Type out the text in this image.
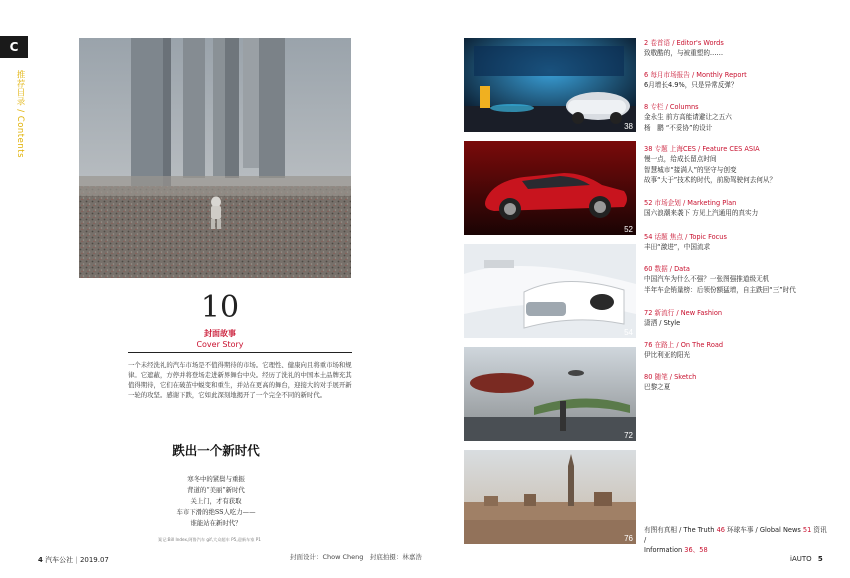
C
推荐目录 / Contents
10
封面故事
Cover Story
一个未经洗礼的汽车市场是不值得期待的市场。它理性、健康向且将重市场和规律。它遮蔽，方停并将登场走进新界舞台中央。经历了洗礼的中国本土品牌充其值得期待，它们在破茧中蜕变和重生，并站在更高的舞台，迎接大的对手展开新一轮的攻坚。感谢下跌，它如此深刻地揭开了一个完全不同的新时代。
跌出一个新时代
寒冬中的紧鬓与重振
背道的“美丽”新时代
关上门，才有获取
车市下滑的绝SS人吃力——
谁能站在新时代？
案记:Bill Index,阿鲁汽车 gif,大众超车 P5,迎新车家 P1
4 汽车公社 | 2019.07	封面设计：Chow Cheng　封底拍摄：林嘉浩
38
52
54
72
76
2 卷首语 / Editor's Words
致敬酷的，与被重塑的……
6 每月市场报告 / Monthly Report
6月增长4.9%，只是异常反弹？
8 专栏 / Columns
金永生 前方高能请避让之五六
杨　鹏 “不妥协”的设计
38 专题 上海CES / Feature CES ASIA
慢一点，给成长留点时间
智慧城市“接满人”的坚守与创变
故事“大于”技术的时代，前励驾驶何去何从？
52 市场企划 / Marketing Plan
国六浪潮来袭下 方见上汽通用的真实力
54 话题 焦点 / Topic Focus
丰田“激进”，中国流求
60 数据 / Data
中国汽车为什么不强？一张图强推道级无机
半年车企销量榜：后领份额猛增，自主跌回“三”时代
72 新流行 / New Fashion
潇洒 / Style
76 在路上 / On The Road
伊比利亚的阳光
80 随笔 / Sketch
巴黎之夏
有图有真相 / The Truth 46 环球车事 / Global News 51 资讯 /
Information 36、58
iAUTO 5
